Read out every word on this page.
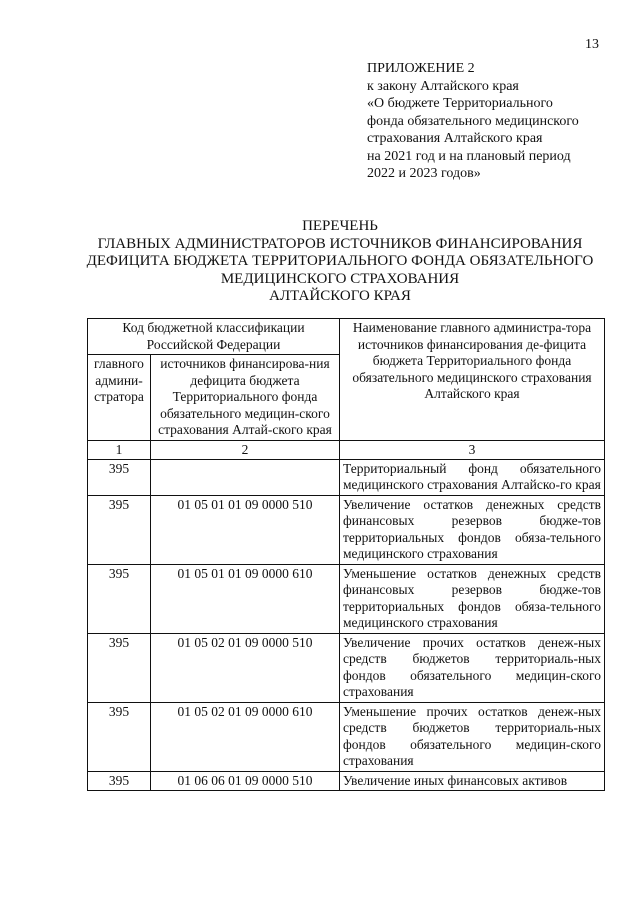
13
ПРИЛОЖЕНИЕ 2
к закону Алтайского края
«О бюджете Территориального
фонда обязательного медицинского
страхования Алтайского края
на 2021 год и на плановый период
2022 и 2023 годов»
ПЕРЕЧЕНЬ
ГЛАВНЫХ АДМИНИСТРАТОРОВ ИСТОЧНИКОВ ФИНАНСИРОВАНИЯ
ДЕФИЦИТА БЮДЖЕТА ТЕРРИТОРИАЛЬНОГО ФОНДА ОБЯЗАТЕЛЬНОГО
МЕДИЦИНСКОГО СТРАХОВАНИЯ
АЛТАЙСКОГО КРАЯ
Код бюджетной классификации Российской Федерации		Наименование главного администра-тора источников финансирования де-фицита бюджета Территориального фонда обязательного медицинского страхования Алтайского края
главного админи-стратора	источников финансирова-ния дефицита бюджета Территориального фонда обязательного медицин-ского страхования Алтай-ского края	
1	2	3
395		Территориальный фонд обязательного медицинского страхования Алтайско-го края
395	01 05 01 01 09 0000 510	Увеличение остатков денежных средств финансовых резервов бюдже-тов территориальных фондов обяза-тельного медицинского страхования
395	01 05 01 01 09 0000 610	Уменьшение остатков денежных средств финансовых резервов бюдже-тов территориальных фондов обяза-тельного медицинского страхования
395	01 05 02 01 09 0000 510	Увеличение прочих остатков денеж-ных средств бюджетов территориаль-ных фондов обязательного медицин-ского страхования
395	01 05 02 01 09 0000 610	Уменьшение прочих остатков денеж-ных средств бюджетов территориаль-ных фондов обязательного медицин-ского страхования
395	01 06 06 01 09 0000 510	Увеличение иных финансовых активов
